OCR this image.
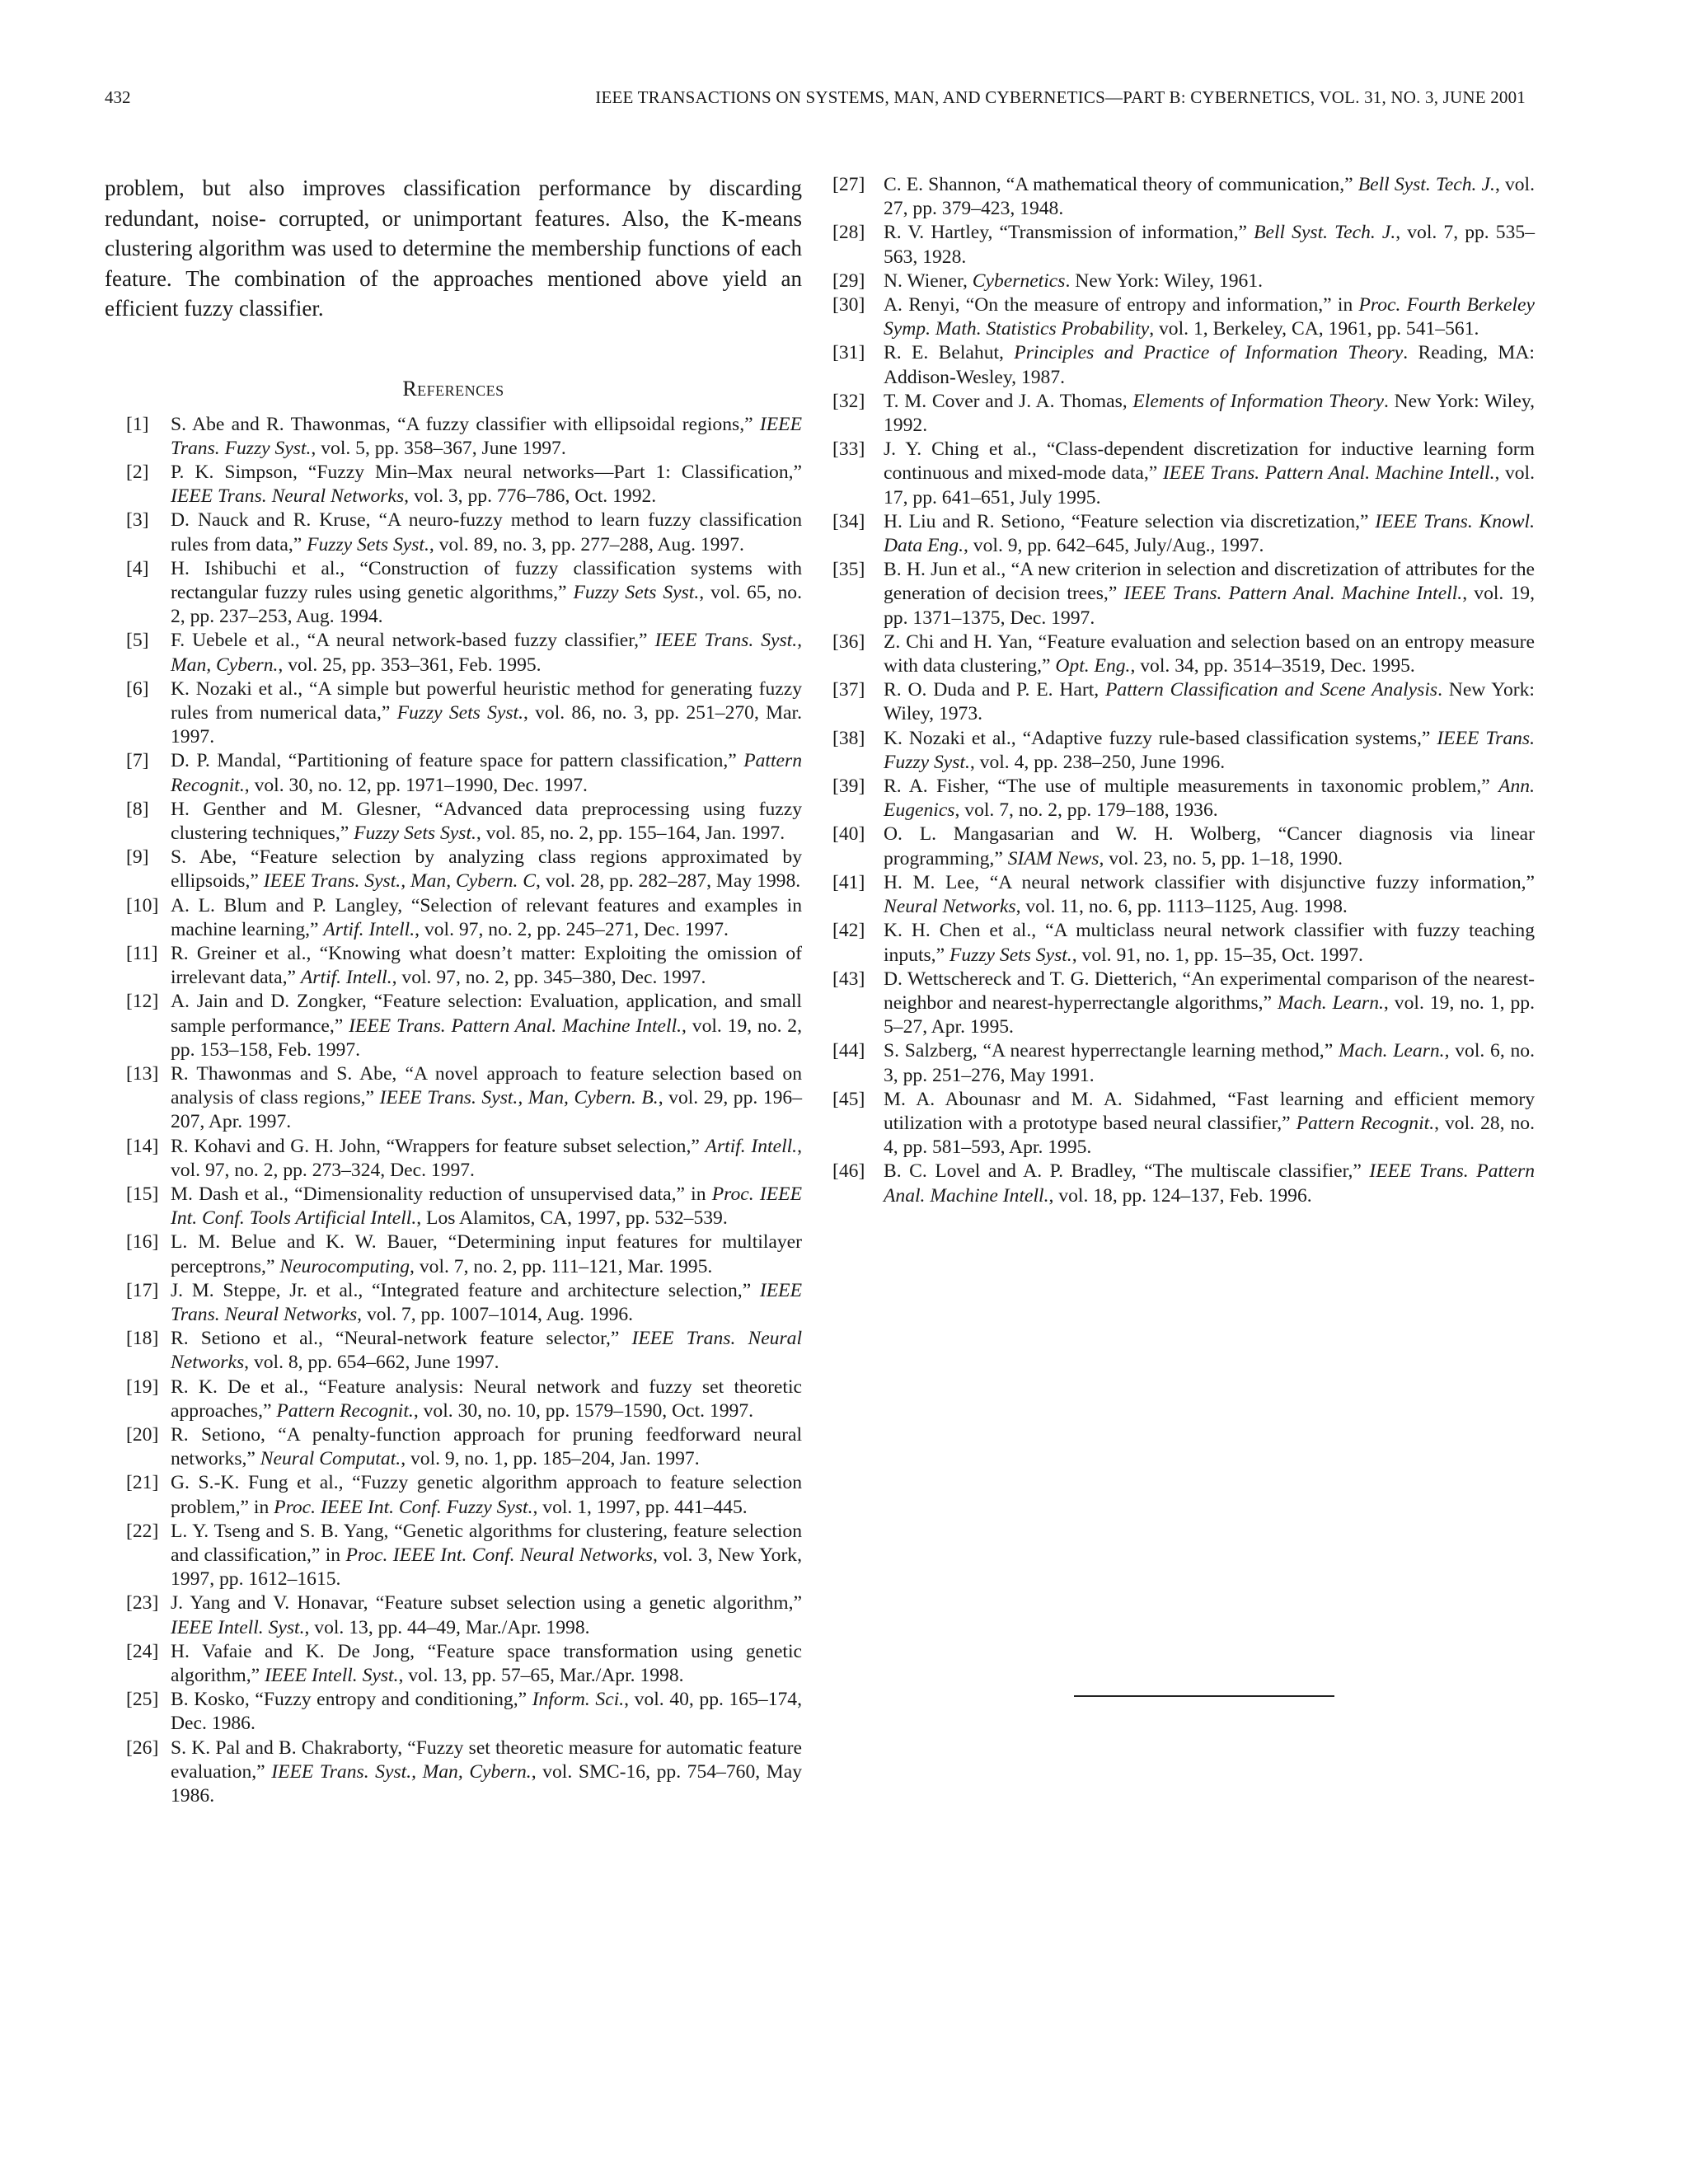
432	IEEE TRANSACTIONS ON SYSTEMS, MAN, AND CYBERNETICS—PART B: CYBERNETICS, VOL. 31, NO. 3, JUNE 2001

problem, but also improves classification performance by discarding redundant, noise- corrupted, or unimportant features. Also, the K-means clustering algorithm was used to determine the membership functions of each feature. The combination of the approaches mentioned above yield an efficient fuzzy classifier.

References
[1] S. Abe and R. Thawonmas, “A fuzzy classifier with ellipsoidal regions,” IEEE Trans. Fuzzy Syst., vol. 5, pp. 358–367, June 1997.
[2] P. K. Simpson, “Fuzzy Min–Max neural networks—Part 1: Classification,” IEEE Trans. Neural Networks, vol. 3, pp. 776–786, Oct. 1992.
[3] D. Nauck and R. Kruse, “A neuro-fuzzy method to learn fuzzy classification rules from data,” Fuzzy Sets Syst., vol. 89, no. 3, pp. 277–288, Aug. 1997.
[4] H. Ishibuchi et al., “Construction of fuzzy classification systems with rectangular fuzzy rules using genetic algorithms,” Fuzzy Sets Syst., vol. 65, no. 2, pp. 237–253, Aug. 1994.
[5] F. Uebele et al., “A neural network-based fuzzy classifier,” IEEE Trans. Syst., Man, Cybern., vol. 25, pp. 353–361, Feb. 1995.
[6] K. Nozaki et al., “A simple but powerful heuristic method for generating fuzzy rules from numerical data,” Fuzzy Sets Syst., vol. 86, no. 3, pp. 251–270, Mar. 1997.
[7] D. P. Mandal, “Partitioning of feature space for pattern classification,” Pattern Recognit., vol. 30, no. 12, pp. 1971–1990, Dec. 1997.
[8] H. Genther and M. Glesner, “Advanced data preprocessing using fuzzy clustering techniques,” Fuzzy Sets Syst., vol. 85, no. 2, pp. 155–164, Jan. 1997.
[9] S. Abe, “Feature selection by analyzing class regions approximated by ellipsoids,” IEEE Trans. Syst., Man, Cybern. C, vol. 28, pp. 282–287, May 1998.
[10] A. L. Blum and P. Langley, “Selection of relevant features and examples in machine learning,” Artif. Intell., vol. 97, no. 2, pp. 245–271, Dec. 1997.
[11] R. Greiner et al., “Knowing what doesn’t matter: Exploiting the omission of irrelevant data,” Artif. Intell., vol. 97, no. 2, pp. 345–380, Dec. 1997.
[12] A. Jain and D. Zongker, “Feature selection: Evaluation, application, and small sample performance,” IEEE Trans. Pattern Anal. Machine Intell., vol. 19, no. 2, pp. 153–158, Feb. 1997.
[13] R. Thawonmas and S. Abe, “A novel approach to feature selection based on analysis of class regions,” IEEE Trans. Syst., Man, Cybern. B., vol. 29, pp. 196–207, Apr. 1997.
[14] R. Kohavi and G. H. John, “Wrappers for feature subset selection,” Artif. Intell., vol. 97, no. 2, pp. 273–324, Dec. 1997.
[15] M. Dash et al., “Dimensionality reduction of unsupervised data,” in Proc. IEEE Int. Conf. Tools Artificial Intell., Los Alamitos, CA, 1997, pp. 532–539.
[16] L. M. Belue and K. W. Bauer, “Determining input features for multilayer perceptrons,” Neurocomputing, vol. 7, no. 2, pp. 111–121, Mar. 1995.
[17] J. M. Steppe, Jr. et al., “Integrated feature and architecture selection,” IEEE Trans. Neural Networks, vol. 7, pp. 1007–1014, Aug. 1996.
[18] R. Setiono et al., “Neural-network feature selector,” IEEE Trans. Neural Networks, vol. 8, pp. 654–662, June 1997.
[19] R. K. De et al., “Feature analysis: Neural network and fuzzy set theoretic approaches,” Pattern Recognit., vol. 30, no. 10, pp. 1579–1590, Oct. 1997.
[20] R. Setiono, “A penalty-function approach for pruning feedforward neural networks,” Neural Computat., vol. 9, no. 1, pp. 185–204, Jan. 1997.
[21] G. S.-K. Fung et al., “Fuzzy genetic algorithm approach to feature selection problem,” in Proc. IEEE Int. Conf. Fuzzy Syst., vol. 1, 1997, pp. 441–445.
[22] L. Y. Tseng and S. B. Yang, “Genetic algorithms for clustering, feature selection and classification,” in Proc. IEEE Int. Conf. Neural Networks, vol. 3, New York, 1997, pp. 1612–1615.
[23] J. Yang and V. Honavar, “Feature subset selection using a genetic algorithm,” IEEE Intell. Syst., vol. 13, pp. 44–49, Mar./Apr. 1998.
[24] H. Vafaie and K. De Jong, “Feature space transformation using genetic algorithm,” IEEE Intell. Syst., vol. 13, pp. 57–65, Mar./Apr. 1998.
[25] B. Kosko, “Fuzzy entropy and conditioning,” Inform. Sci., vol. 40, pp. 165–174, Dec. 1986.
[26] S. K. Pal and B. Chakraborty, “Fuzzy set theoretic measure for automatic feature evaluation,” IEEE Trans. Syst., Man, Cybern., vol. SMC-16, pp. 754–760, May 1986.
[27] C. E. Shannon, “A mathematical theory of communication,” Bell Syst. Tech. J., vol. 27, pp. 379–423, 1948.
[28] R. V. Hartley, “Transmission of information,” Bell Syst. Tech. J., vol. 7, pp. 535–563, 1928.
[29] N. Wiener, Cybernetics. New York: Wiley, 1961.
[30] A. Renyi, “On the measure of entropy and information,” in Proc. Fourth Berkeley Symp. Math. Statistics Probability, vol. 1, Berkeley, CA, 1961, pp. 541–561.
[31] R. E. Belahut, Principles and Practice of Information Theory. Reading, MA: Addison-Wesley, 1987.
[32] T. M. Cover and J. A. Thomas, Elements of Information Theory. New York: Wiley, 1992.
[33] J. Y. Ching et al., “Class-dependent discretization for inductive learning form continuous and mixed-mode data,” IEEE Trans. Pattern Anal. Machine Intell., vol. 17, pp. 641–651, July 1995.
[34] H. Liu and R. Setiono, “Feature selection via discretization,” IEEE Trans. Knowl. Data Eng., vol. 9, pp. 642–645, July/Aug., 1997.
[35] B. H. Jun et al., “A new criterion in selection and discretization of attributes for the generation of decision trees,” IEEE Trans. Pattern Anal. Machine Intell., vol. 19, pp. 1371–1375, Dec. 1997.
[36] Z. Chi and H. Yan, “Feature evaluation and selection based on an entropy measure with data clustering,” Opt. Eng., vol. 34, pp. 3514–3519, Dec. 1995.
[37] R. O. Duda and P. E. Hart, Pattern Classification and Scene Analysis. New York: Wiley, 1973.
[38] K. Nozaki et al., “Adaptive fuzzy rule-based classification systems,” IEEE Trans. Fuzzy Syst., vol. 4, pp. 238–250, June 1996.
[39] R. A. Fisher, “The use of multiple measurements in taxonomic problem,” Ann. Eugenics, vol. 7, no. 2, pp. 179–188, 1936.
[40] O. L. Mangasarian and W. H. Wolberg, “Cancer diagnosis via linear programming,” SIAM News, vol. 23, no. 5, pp. 1–18, 1990.
[41] H. M. Lee, “A neural network classifier with disjunctive fuzzy information,” Neural Networks, vol. 11, no. 6, pp. 1113–1125, Aug. 1998.
[42] K. H. Chen et al., “A multiclass neural network classifier with fuzzy teaching inputs,” Fuzzy Sets Syst., vol. 91, no. 1, pp. 15–35, Oct. 1997.
[43] D. Wettschereck and T. G. Dietterich, “An experimental comparison of the nearest-neighbor and nearest-hyperrectangle algorithms,” Mach. Learn., vol. 19, no. 1, pp. 5–27, Apr. 1995.
[44] S. Salzberg, “A nearest hyperrectangle learning method,” Mach. Learn., vol. 6, no. 3, pp. 251–276, May 1991.
[45] M. A. Abounasr and M. A. Sidahmed, “Fast learning and efficient memory utilization with a prototype based neural classifier,” Pattern Recognit., vol. 28, no. 4, pp. 581–593, Apr. 1995.
[46] B. C. Lovel and A. P. Bradley, “The multiscale classifier,” IEEE Trans. Pattern Anal. Machine Intell., vol. 18, pp. 124–137, Feb. 1996.
